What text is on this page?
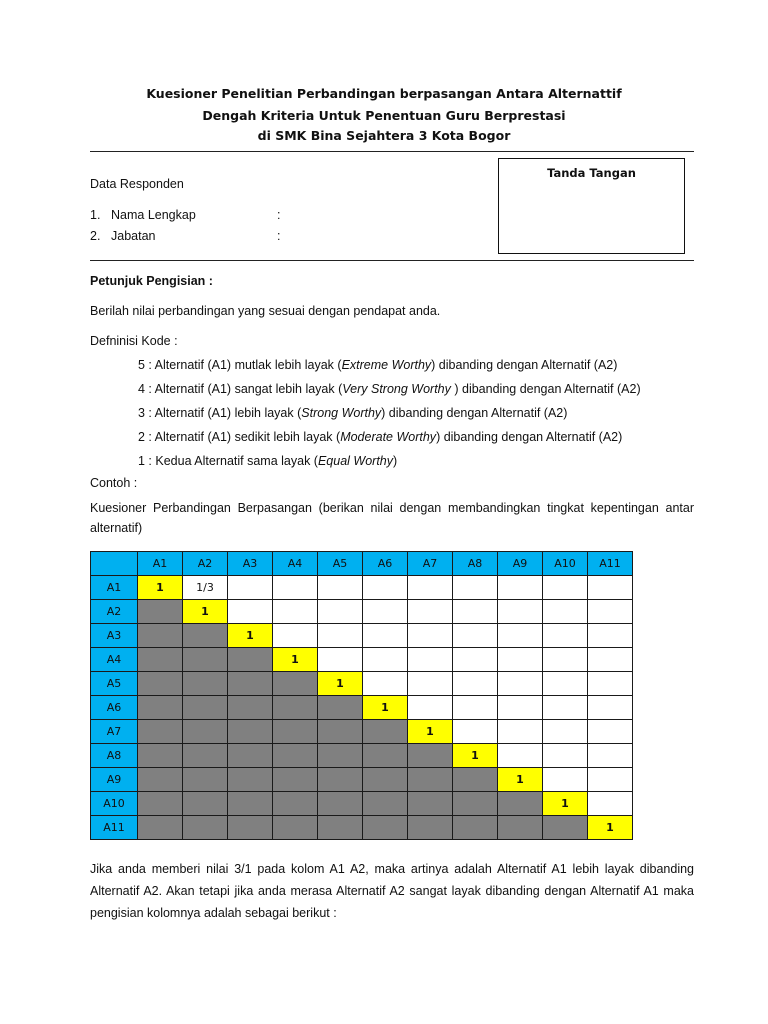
Kuesioner Penelitian Perbandingan berpasangan Antara Alternattif
Dengah Kriteria Untuk Penentuan Guru Berprestasi
di SMK Bina Sejahtera 3 Kota Bogor
Tanda Tangan
Data Responden
1. Nama Lengkap	:
2. Jabatan	:
Petunjuk Pengisian :
Berilah nilai perbandingan yang sesuai dengan pendapat anda.
Defninisi Kode :
5 : Alternatif (A1) mutlak lebih layak (Extreme Worthy) dibanding dengan Alternatif (A2)
4 : Alternatif (A1) sangat lebih layak (Very Strong Worthy ) dibanding dengan Alternatif (A2)
3 : Alternatif (A1) lebih layak (Strong Worthy) dibanding dengan Alternatif (A2)
2 : Alternatif (A1) sedikit lebih layak (Moderate Worthy) dibanding dengan Alternatif (A2)
1 : Kedua Alternatif sama layak (Equal Worthy)
Contoh :
Kuesioner Perbandingan Berpasangan (berikan nilai dengan membandingkan tingkat kepentingan antar
alternatif)
	A1	A2	A3	A4	A5	A6	A7	A8	A9	A10	A11
A1	1	1/3									
A2		1									
A3			1								
A4				1							
A5					1						
A6						1					
A7							1				
A8								1			
A9									1		
A10										1	
A11											1
Jika anda memberi nilai 3/1 pada kolom A1 A2, maka artinya adalah Alternatif A1 lebih layak dibanding
Alternatif A2. Akan tetapi jika anda merasa Alternatif A2 sangat layak dibanding dengan Alternatif A1 maka
pengisian kolomnya adalah sebagai berikut :
